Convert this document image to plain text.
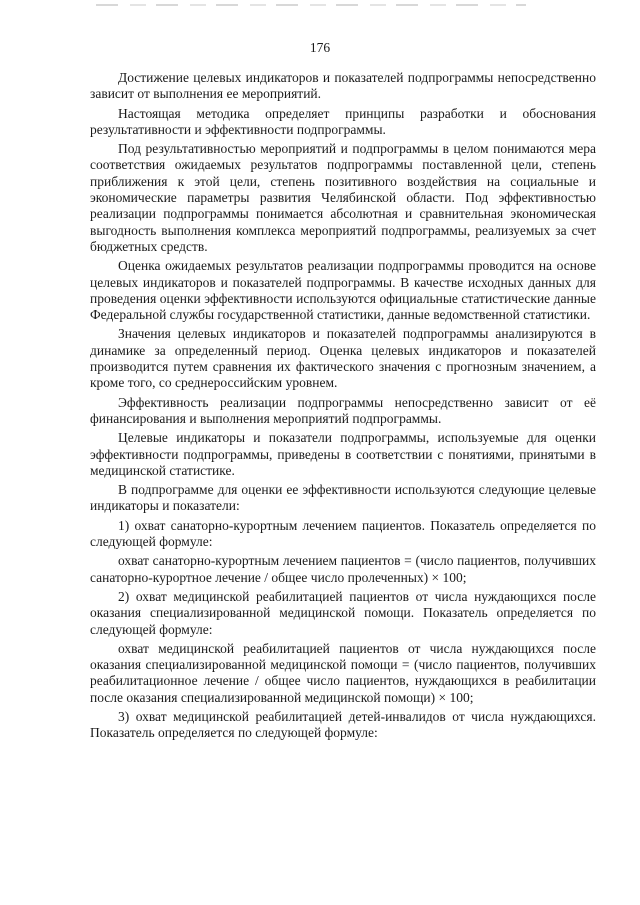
176

Достижение целевых индикаторов и показателей подпрограммы непосредственно зависит от выполнения ее мероприятий.

Настоящая методика определяет принципы разработки и обоснования результативности и эффективности подпрограммы.

Под результативностью мероприятий и подпрограммы в целом понимаются мера соответствия ожидаемых результатов подпрограммы поставленной цели, степень приближения к этой цели, степень позитивного воздействия на социальные и экономические параметры развития Челябинской области. Под эффективностью реализации подпрограммы понимается абсолютная и сравнительная экономическая выгодность выполнения комплекса мероприятий подпрограммы, реализуемых за счет бюджетных средств.

Оценка ожидаемых результатов реализации подпрограммы проводится на основе целевых индикаторов и показателей подпрограммы. В качестве исходных данных для проведения оценки эффективности используются официальные статистические данные Федеральной службы государственной статистики, данные ведомственной статистики.

Значения целевых индикаторов и показателей подпрограммы анализируются в динамике за определенный период. Оценка целевых индикаторов и показателей производится путем сравнения их фактического значения с прогнозным значением, а кроме того, со среднероссийским уровнем.

Эффективность реализации подпрограммы непосредственно зависит от её финансирования и выполнения мероприятий подпрограммы.

Целевые индикаторы и показатели подпрограммы, используемые для оценки эффективности подпрограммы, приведены в соответствии с понятиями, принятыми в медицинской статистике.

В подпрограмме для оценки ее эффективности используются следующие целевые индикаторы и показатели:

1) охват санаторно-курортным лечением пациентов. Показатель определяется по следующей формуле:

охват санаторно-курортным лечением пациентов = (число пациентов, получивших санаторно-курортное лечение / общее число пролеченных) × 100;

2) охват медицинской реабилитацией пациентов от числа нуждающихся после оказания специализированной медицинской помощи. Показатель определяется по следующей формуле:

охват медицинской реабилитацией пациентов от числа нуждающихся после оказания специализированной медицинской помощи = (число пациентов, получивших реабилитационное лечение / общее число пациентов, нуждающихся в реабилитации после оказания специализированной медицинской помощи) × 100;

3) охват медицинской реабилитацией детей-инвалидов от числа нуждающихся. Показатель определяется по следующей формуле:
